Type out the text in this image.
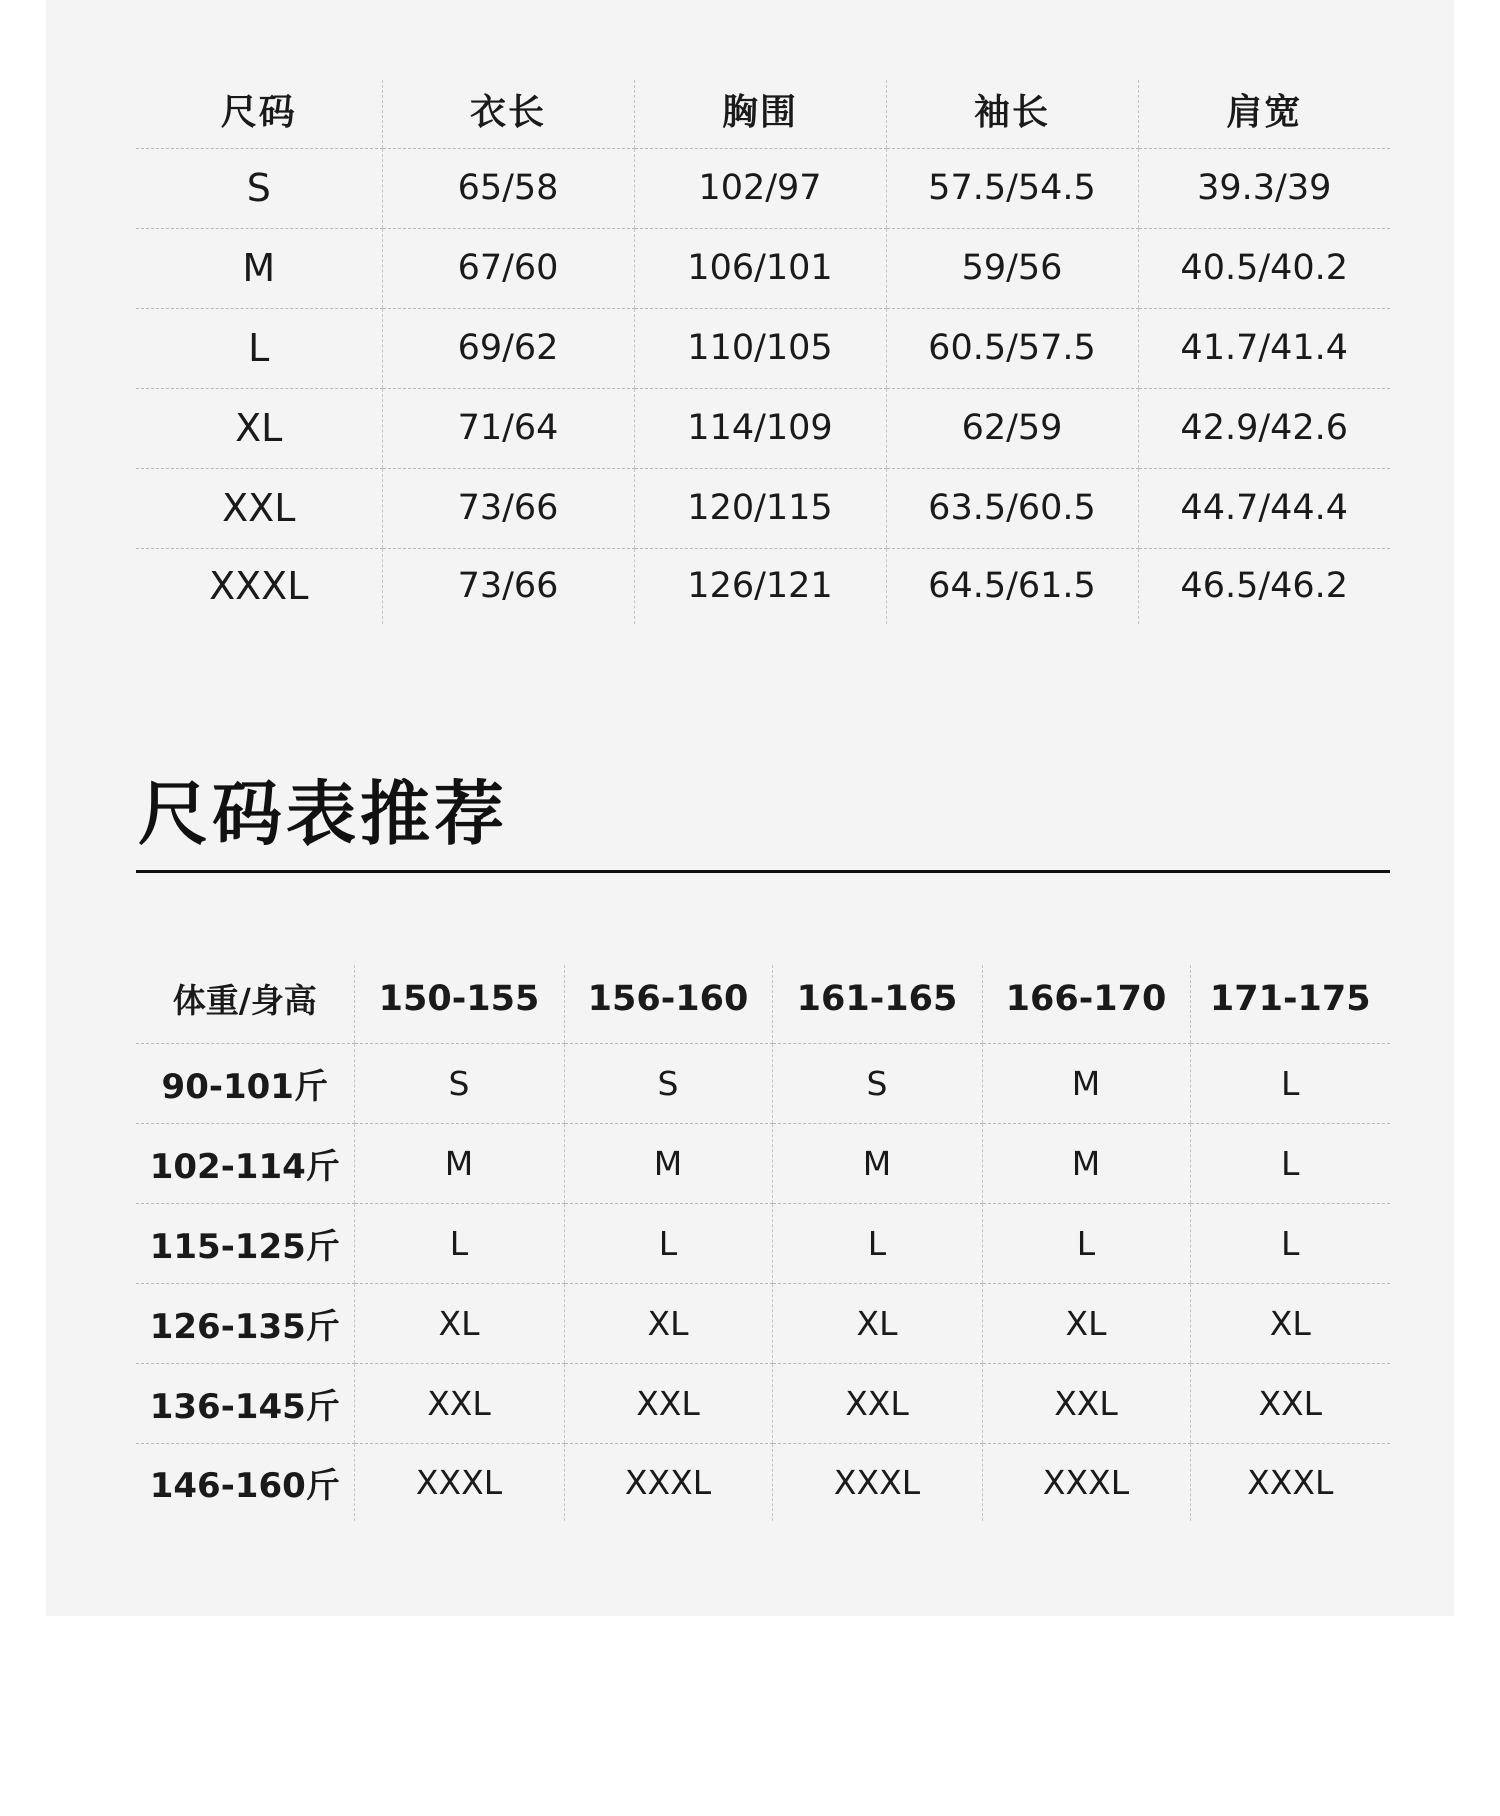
尺码	衣长	胸围	袖长	肩宽
S	65/58	102/97	57.5/54.5	39.3/39
M	67/60	106/101	59/56	40.5/40.2
L	69/62	110/105	60.5/57.5	41.7/41.4
XL	71/64	114/109	62/59	42.9/42.6
XXL	73/66	120/115	63.5/60.5	44.7/44.4
XXXL	73/66	126/121	64.5/61.5	46.5/46.2
尺码表推荐
体重/身高	150-155	156-160	161-165	166-170	171-175
90-101斤	S	S	S	M	L
102-114斤	M	M	M	M	L
115-125斤	L	L	L	L	L
126-135斤	XL	XL	XL	XL	XL
136-145斤	XXL	XXL	XXL	XXL	XXL
146-160斤	XXXL	XXXL	XXXL	XXXL	XXXL
